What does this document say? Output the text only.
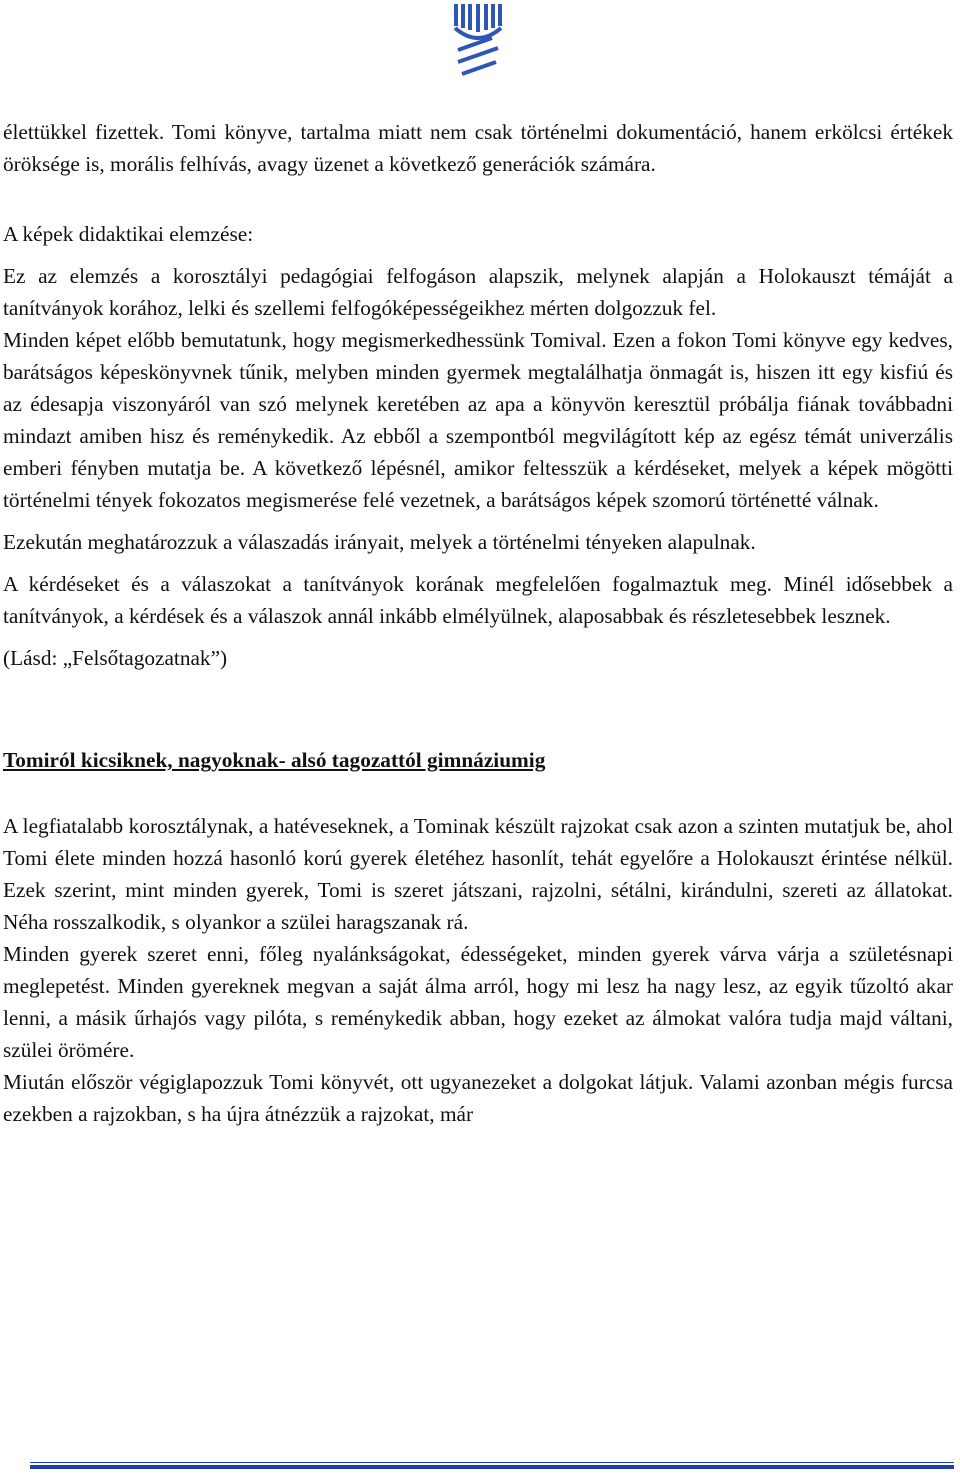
élettükkel fizettek. Tomi könyve, tartalma miatt nem csak történelmi dokumentáció, hanem erkölcsi értékek öröksége is, morális felhívás, avagy üzenet a következő generációk számára.

A képek didaktikai elemzése:

Ez az elemzés a korosztályi pedagógiai felfogáson alapszik, melynek alapján a Holokauszt témáját a tanítványok korához, lelki és szellemi felfogóképességeikhez mérten dolgozzuk fel.

Minden képet előbb bemutatunk, hogy megismerkedhessünk Tomival. Ezen a fokon Tomi könyve egy kedves, barátságos képeskönyvnek tűnik, melyben minden gyermek megtalálhatja önmagát is, hiszen itt egy kisfiú és az édesapja viszonyáról van szó melynek keretében az apa a könyvön keresztül próbálja fiának továbbadni mindazt amiben hisz és reménykedik. Az ebből a szempontból megvilágított kép az egész témát univerzális emberi fényben mutatja be. A következő lépésnél, amikor feltesszük a kérdéseket, melyek a képek mögötti történelmi tények fokozatos megismerése felé vezetnek, a barátságos képek szomorú történetté válnak.

Ezekután meghatározzuk a válaszadás irányait, melyek a történelmi tényeken alapulnak.

A kérdéseket és a válaszokat a tanítványok korának megfelelően fogalmaztuk meg. Minél idősebbek a tanítványok, a kérdések és a válaszok annál inkább elmélyülnek, alaposabbak és részletesebbek lesznek.

(Lásd: „Felsőtagozatnak”)

Tomiról kicsiknek, nagyoknak- alsó tagozattól gimnáziumig

A legfiatalabb korosztálynak, a hatéveseknek, a Tominak készült rajzokat csak azon a szinten mutatjuk be, ahol Tomi élete minden hozzá hasonló korú gyerek életéhez hasonlít, tehát egyelőre a Holokauszt érintése nélkül. Ezek szerint, mint minden gyerek, Tomi is szeret játszani, rajzolni, sétálni, kirándulni, szereti az állatokat. Néha rosszalkodik, s olyankor a szülei haragszanak rá.

Minden gyerek szeret enni, főleg nyalánkságokat, édességeket, minden gyerek várva várja a születésnapi meglepetést. Minden gyereknek megvan a saját álma arról, hogy mi lesz ha nagy lesz, az egyik tűzoltó akar lenni, a másik űrhajós vagy pilóta, s reménykedik abban, hogy ezeket az álmokat valóra tudja majd váltani, szülei örömére.

Miután először végiglapozzuk Tomi könyvét, ott ugyanezeket a dolgokat látjuk. Valami azonban mégis furcsa ezekben a rajzokban, s ha újra átnézzük a rajzokat, már
